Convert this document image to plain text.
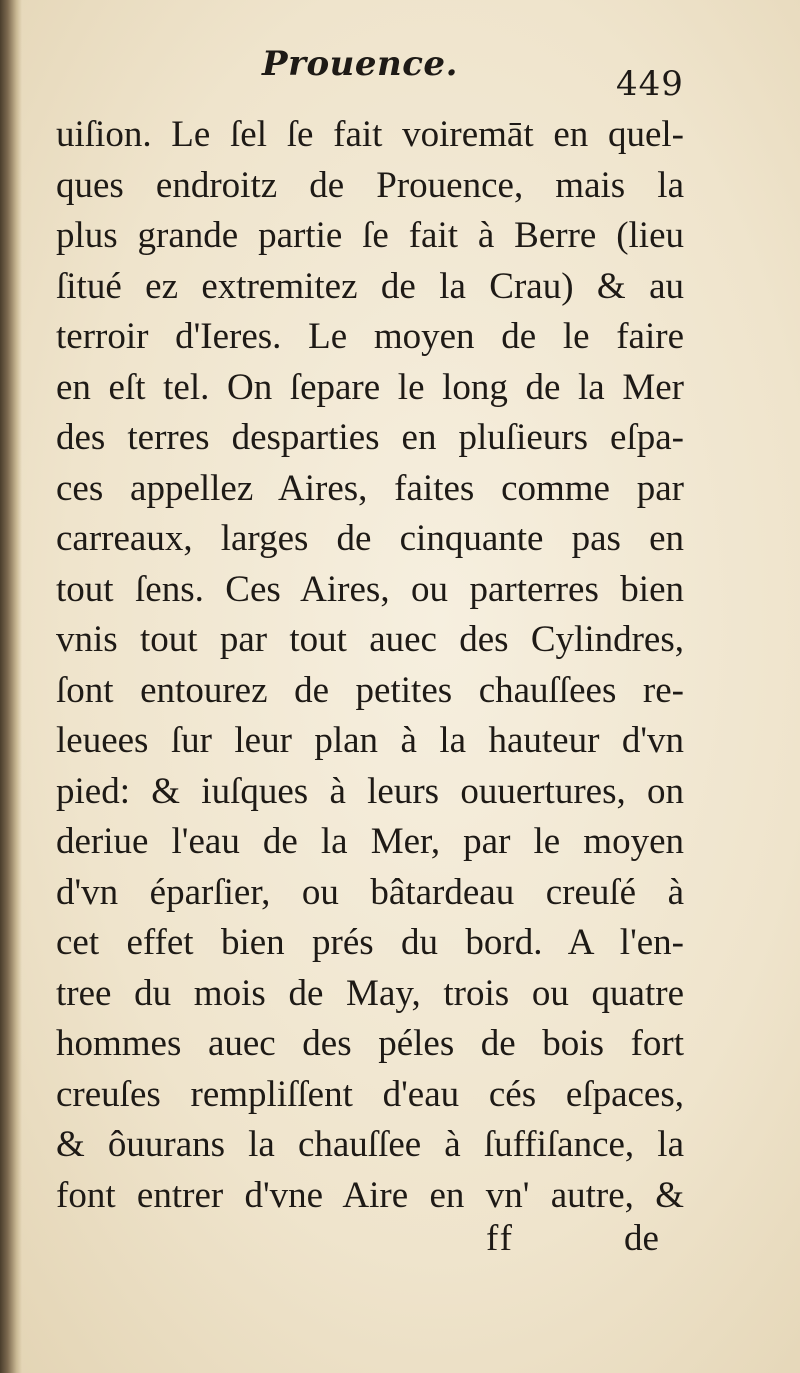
Prouence.	449
uiſion. Le ſel ſe fait voiremāt en quel-
ques endroitz de Prouence, mais la
plus grande partie ſe fait à Berre (lieu
ſitué ez extremitez de la Crau) & au
terroir d'Ieres. Le moyen de le faire
en eſt tel. On ſepare le long de la Mer
des terres desparties en pluſieurs eſpa-
ces appellez Aires, faites comme par
carreaux, larges de cinquante pas en
tout ſens. Ces Aires, ou parterres bien
vnis tout par tout auec des Cylindres,
ſont entourez de petites chauſſees re-
leuees ſur leur plan à la hauteur d'vn
pied: & iuſques à leurs ouuertures, on
deriue l'eau de la Mer, par le moyen
d'vn éparſier, ou bâtardeau creuſé à
cet effet bien prés du bord. A l'en-
tree du mois de May, trois ou quatre
hommes auec des péles de bois fort
creuſes rempliſſent d'eau cés eſpaces,
& ôuurans la chauſſee à ſuffiſance, la
font entrer d'vne Aire en vn' autre, &
ff	de
